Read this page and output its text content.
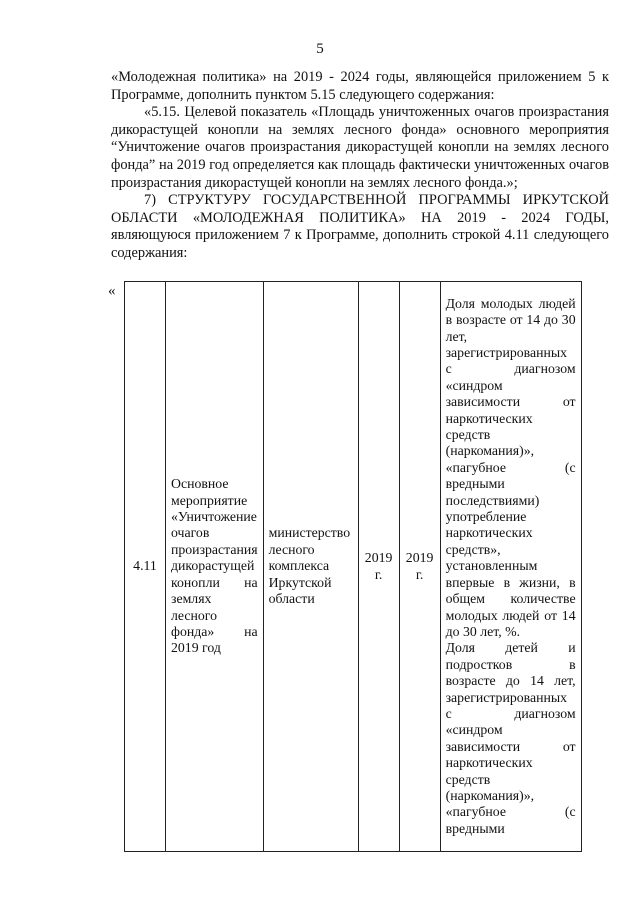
5

«Молодежная политика» на 2019 - 2024 годы, являющейся приложением 5 к Программе, дополнить пунктом 5.15 следующего содержания:

«5.15. Целевой показатель «Площадь уничтоженных очагов произрастания дикорастущей конопли на землях лесного фонда» основного мероприятия “Уничтожение очагов произрастания дикорастущей конопли на землях лесного фонда” на 2019 год определяется как площадь фактически уничтоженных очагов произрастания дикорастущей конопли на землях лесного фонда.»;

7) СТРУКТУРУ ГОСУДАРСТВЕННОЙ ПРОГРАММЫ ИРКУТСКОЙ ОБЛАСТИ «МОЛОДЕЖНАЯ ПОЛИТИКА» НА 2019 - 2024 ГОДЫ, являющуюся приложением 7 к Программе, дополнить строкой 4.11 следующего содержания:

«
4.11	Основное мероприятие «Уничтожение очагов произрастания дикорастущей конопли на землях лесного фонда» на 2019 год	министерство лесного комплекса Иркутской области	2019 г.	2019 г.	Доля молодых людей в возрасте от 14 до 30 лет, зарегистрированных с диагнозом «синдром зависимости от наркотических средств (наркомания)», «пагубное (с вредными последствиями) употребление наркотических средств», установленным впервые в жизни, в общем количестве молодых людей от 14 до 30 лет, %.
Доля детей и подростков в возрасте до 14 лет, зарегистрированных с диагнозом «синдром зависимости от наркотических средств (наркомания)», «пагубное (с вредными
